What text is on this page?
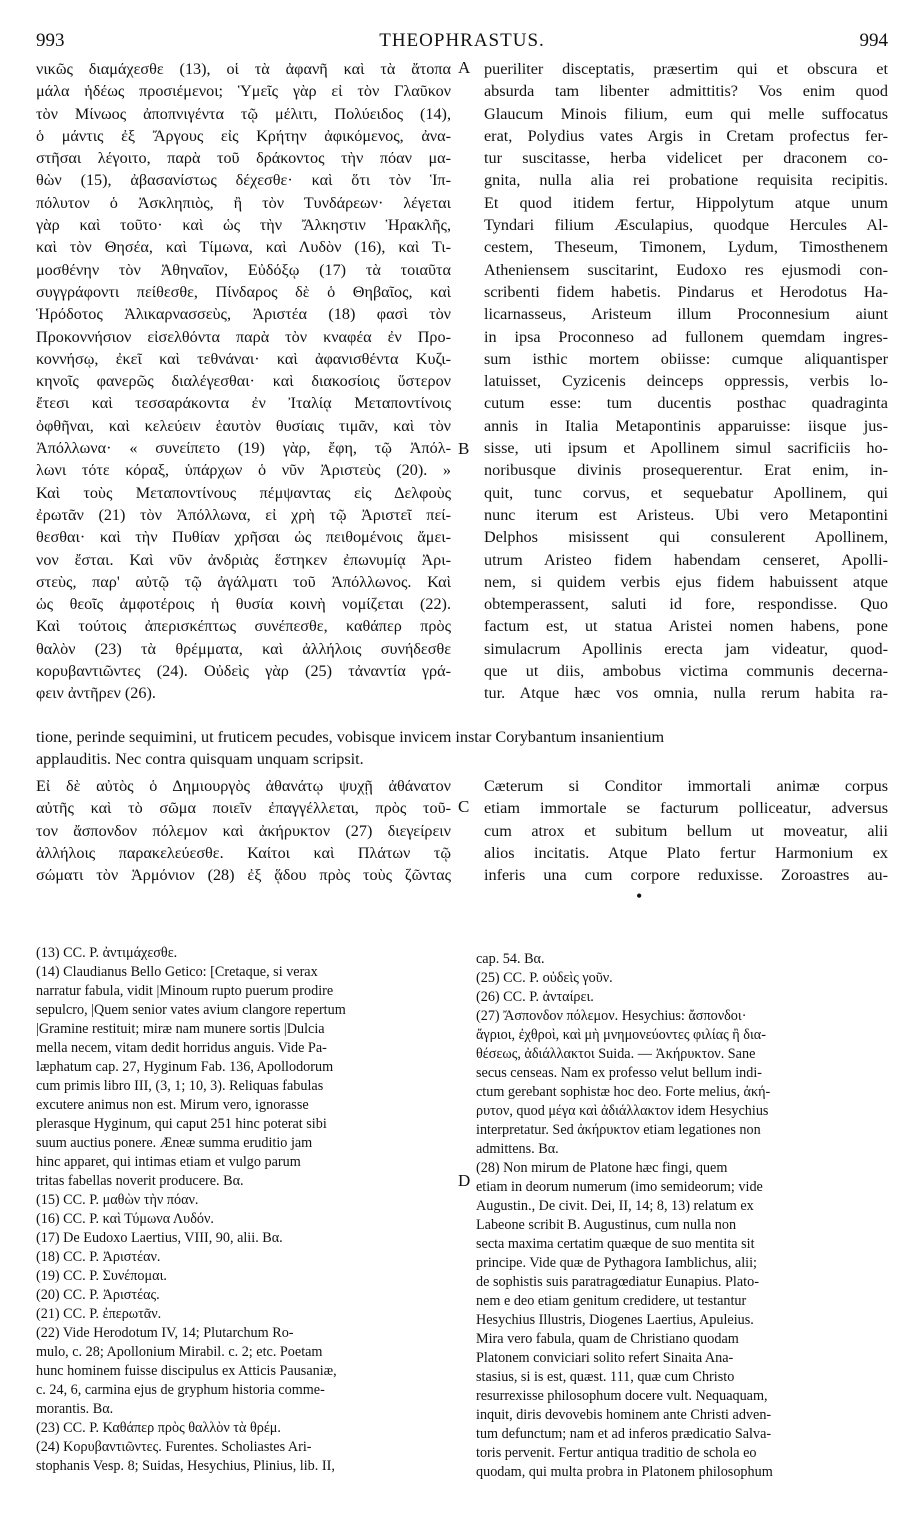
993	THEOPHRASTUS.	994
νικῶς διαμάχεσθε (13), οἱ τὰ ἀφανῆ καὶ τὰ ἄτοπα
μάλα ἡδέως προσιέμενοι; Ὑμεῖς γὰρ εἰ τὸν Γλαῦκον
τὸν Μίνωος ἀποπνιγέντα τῷ μέλιτι, Πολύειδος (14),
ὁ μάντις ἐξ Ἄργους εἰς Κρήτην ἀφικόμενος, ἀνα-
στῆσαι λέγοιτο, παρὰ τοῦ δράκοντος τὴν πόαν μα-
θὼν (15), ἀβασανίστως δέχεσθε· καὶ ὅτι τὸν Ἱπ-
πόλυτον ὁ Ἀσκληπιὸς, ἢ τὸν Τυνδάρεων· λέγεται
γὰρ καὶ τοῦτο· καὶ ὡς τὴν Ἄλκηστιν Ἡρακλῆς,
καὶ τὸν Θησέα, καὶ Τίμωνα, καὶ Λυδὸν (16), καὶ Τι-
μοσθένην τὸν Ἀθηναῖον, Εὐδόξῳ (17) τὰ τοιαῦτα
συγγράφοντι πείθεσθε, Πίνδαρος δὲ ὁ Θηβαῖος, καὶ
Ἡρόδοτος Ἁλικαρνασσεὺς, Ἀριστέα (18) φασὶ τὸν
Προκοννήσιον εἰσελθόντα παρὰ τὸν κναφέα ἐν Προ-
κοννήσῳ, ἐκεῖ καὶ τεθνάναι· καὶ ἀφανισθέντα Κυζι-
κηνοῖς φανερῶς διαλέγεσθαι· καὶ διακοσίοις ὕστερον
ἔτεσι καὶ τεσσαράκοντα ἐν Ἰταλίᾳ Μεταποντίνοις
ὀφθῆναι, καὶ κελεύειν ἑαυτὸν θυσίαις τιμᾶν, καὶ τὸν
Ἀπόλλωνα· « συνείπετο (19) γὰρ, ἔφη, τῷ Ἀπόλ-
λωνι τότε κόραξ, ὑπάρχων ὁ νῦν Ἀριστεὺς (20). »
Καὶ τοὺς Μεταποντίνους πέμψαντας εἰς Δελφοὺς
ἐρωτᾶν (21) τὸν Ἀπόλλωνα, εἰ χρὴ τῷ Ἀριστεῖ πεί-
θεσθαι· καὶ τὴν Πυθίαν χρῆσαι ὡς πειθομένοις ἄμει-
νον ἔσται. Καὶ νῦν ἀνδριὰς ἕστηκεν ἐπωνυμίᾳ Ἀρι-
στεὺς, παρ' αὐτῷ τῷ ἀγάλματι τοῦ Ἀπόλλωνος. Καὶ
ὡς θεοῖς ἀμφοτέροις ἡ θυσία κοινὴ νομίζεται (22).
Καὶ τούτοις ἀπερισκέπτως συνέπεσθε, καθάπερ πρὸς
θαλὸν (23) τὰ θρέμματα, καὶ ἀλλήλοις συνήδεσθε
κορυβαντιῶντες (24). Οὐδεὶς γὰρ (25) τἀναντία γρά-
φειν ἀντῆρεν (26).
pueriliter disceptatis, præsertim qui et obscura et
absurda tam libenter admittitis? Vos enim quod
Glaucum Minois filium, eum qui melle suffocatus
erat, Polydius vates Argis in Cretam profectus fer-
tur suscitasse, herba videlicet per draconem co-
gnita, nulla alia rei probatione requisita recipitis.
Et quod itidem fertur, Hippolytum atque unum
Tyndari filium Æsculapius, quodque Hercules Al-
cestem, Theseum, Timonem, Lydum, Timosthenem
Atheniensem suscitarint, Eudoxo res ejusmodi con-
scribenti fidem habetis. Pindarus et Herodotus Ha-
licarnasseus, Aristeum illum Proconnesium aiunt
in ipsa Proconneso ad fullonem quemdam ingres-
sum isthic mortem obiisse: cumque aliquantisper
latuisset, Cyzicenis deinceps oppressis, verbis lo-
cutum esse: tum ducentis posthac quadraginta
annis in Italia Metapontinis apparuisse: iisque jus-
sisse, uti ipsum et Apollinem simul sacrificiis ho-
noribusque divinis prosequerentur. Erat enim, in-
quit, tunc corvus, et sequebatur Apollinem, qui
nunc iterum est Aristeus. Ubi vero Metapontini
Delphos misissent qui consulerent Apollinem,
utrum Aristeo fidem habendam censeret, Apolli-
nem, si quidem verbis ejus fidem habuissent atque
obtemperassent, saluti id fore, respondisse. Quo
factum est, ut statua Aristei nomen habens, pone
simulacrum Apollinis erecta jam videatur, quod-
que ut diis, ambobus victima communis decerna-
tur. Atque hæc vos omnia, nulla rerum habita ra-
A
B
C
D
tione, perinde sequimini, ut fruticem pecudes, vobisque invicem instar Corybantum insanientium
applauditis. Nec contra quisquam unquam scripsit.
Εἰ δὲ αὐτὸς ὁ Δημιουργὸς ἀθανάτῳ ψυχῇ ἀθάνατον
αὐτῆς καὶ τὸ σῶμα ποιεῖν ἐπαγγέλλεται, πρὸς τοῦ-
τον ἄσπονδον πόλεμον καὶ ἀκήρυκτον (27) διεγείρειν
ἀλλήλοις παρακελεύεσθε. Καίτοι καὶ Πλάτων τῷ
σώματι τὸν Ἁρμόνιον (28) ἐξ ᾅδου πρὸς τοὺς ζῶντας
Cæterum si Conditor immortali animæ corpus
etiam immortale se facturum polliceatur, adversus
cum atrox et subitum bellum ut moveatur, alii
alios incitatis. Atque Plato fertur Harmonium ex
inferis una cum corpore reduxisse. Zoroastres au-
•
(13) CC. P. ἀντιμάχεσθε.
(14) Claudianus Bello Getico: [Cretaque, si verax
narratur fabula, vidit |Minoum rupto puerum prodire
sepulcro, |Quem senior vates avium clangore repertum
|Gramine restituit; miræ nam munere sortis |Dulcia
mella necem, vitam dedit horridus anguis. Vide Pa-
læphatum cap. 27, Hyginum Fab. 136, Apollodorum
cum primis libro III, (3, 1; 10, 3). Reliquas fabulas
excutere animus non est. Mirum vero, ignorasse
plerasque Hyginum, qui caput 251 hinc poterat sibi
suum auctius ponere. Æneæ summa eruditio jam
hinc apparet, qui intimas etiam et vulgo parum
tritas fabellas noverit producere. Βα.
(15) CC. P. μαθὼν τὴν πόαν.
(16) CC. P. καὶ Τύμωνα Λυδόν.
(17) De Eudoxo Laertius, VIII, 90, alii. Βα.
(18) CC. P. Ἀριστέαν.
(19) CC. P. Συνέπομαι.
(20) CC. P. Ἀριστέας.
(21) CC. P. ἐπερωτᾶν.
(22) Vide Herodotum IV, 14; Plutarchum Ro-
mulo, c. 28; Apollonium Mirabil. c. 2; etc. Poetam
hunc hominem fuisse discipulus ex Atticis Pausaniæ,
c. 24, 6, carmina ejus de gryphum historia comme-
morantis. Βα.
(23) CC. P. Καθάπερ πρὸς θαλλὸν τὰ θρέμ.
(24) Κορυβαντιῶντες. Furentes. Scholiastes Ari-
stophanis Vesp. 8; Suidas, Hesychius, Plinius, lib. II,
cap. 54. Βα.
(25) CC. P. οὐδεὶς γοῦν.
(26) CC. P. ἀνταίρει.
(27) Ἄσπονδον πόλεμον. Hesychius: ἄσπονδοι·
ἄγριοι, ἐχθροὶ, καὶ μὴ μνημονεύοντες φιλίας ἢ δια-
θέσεως, ἀδιάλλακτοι Suida. — Ἀκήρυκτον. Sane
secus censeas. Nam ex professo velut bellum indi-
ctum gerebant sophistæ hoc deo. Forte melius, ἀκή-
ρυτον, quod μέγα καὶ ἀδιάλλακτον idem Hesychius
interpretatur. Sed ἀκήρυκτον etiam legationes non
admittens. Βα.
(28) Non mirum de Platone hæc fingi, quem
etiam in deorum numerum (imo semideorum; vide
Augustin., De civit. Dei, II, 14; 8, 13) relatum ex
Labeone scribit B. Augustinus, cum nulla non
secta maxima certatim quæque de suo mentita sit
principe. Vide quæ de Pythagora Iamblichus, alii;
de sophistis suis paratragœdiatur Eunapius. Plato-
nem e deo etiam genitum credidere, ut testantur
Hesychius Illustris, Diogenes Laertius, Apuleius.
Mira vero fabula, quam de Christiano quodam
Platonem conviciari solito refert Sinaita Ana-
stasius, si is est, quæst. 111, quæ cum Christo
resurrexisse philosophum docere vult. Nequaquam,
inquit, diris devovebis hominem ante Christi adven-
tum defunctum; nam et ad inferos prædicatio Salva-
toris pervenit. Fertur antiqua traditio de schola eo
quodam, qui multa probra in Platonem philosophum
